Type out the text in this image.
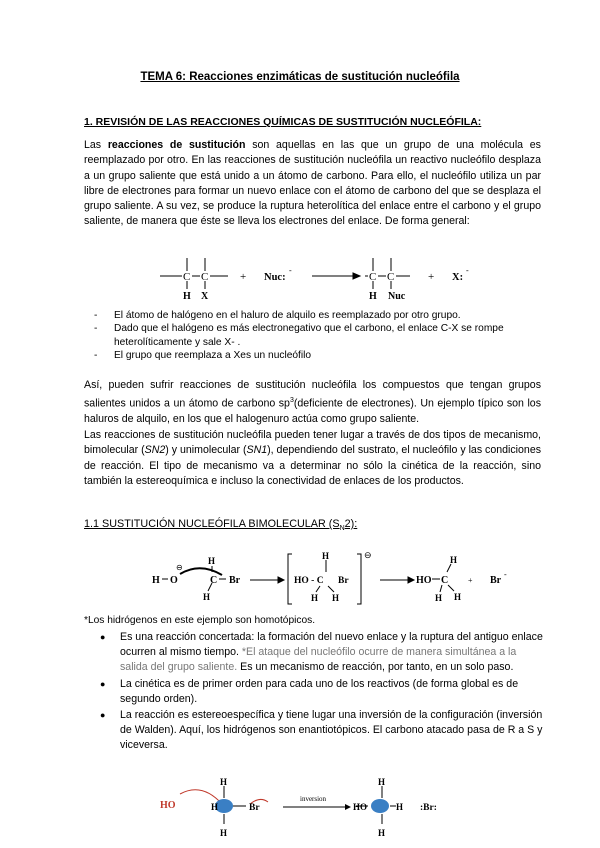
TEMA 6: Reacciones enzimáticas de sustitución nucleófila
1. REVISIÓN DE LAS REACCIONES QUÍMICAS DE SUSTITUCIÓN NUCLEÓFILA:
Las reacciones de sustitución son aquellas en las que un grupo de una molécula es reemplazado por otro. En las reacciones de sustitución nucleófila un reactivo nucleófilo desplaza a un grupo saliente que está unido a un átomo de carbono. Para ello, el nucleófilo utiliza un par libre de electrones para formar un nuevo enlace con el átomo de carbono del que se desplaza el grupo saliente. A su vez, se produce la ruptura heterolítica del enlace entre el carbono y el grupo saliente, de manera que éste se lleva los electrones del enlace. De forma general:
C C
H X
+ Nuc:
-
C C
H Nuc
+ X:
-
-	El átomo de halógeno en el haluro de alquilo es reemplazado por otro grupo.
-	Dado que el halógeno es más electronegativo que el carbono, el enlace C-X se rompe heterolíticamente y sale X- .
-	El grupo que reemplaza a Xes un nucleófilo
Así, pueden sufrir reacciones de sustitución nucleófila los compuestos que tengan grupos salientes unidos a un átomo de carbono $sp^3(deficiente$ de electrones). Un ejemplo típico son los haluros de alquilo, en los que el halogenuro actúa como grupo saliente.
Las reacciones de sustitución nucleófila pueden tener lugar a través de dos tipos de mecanismo, bimolecular (SN2) y unimolecular (SN1), dependiendo del sustrato, el nucleófilo y las condiciones de reacción. El tipo de mecanismo va a determinar no sólo la cinética de la reacción, sino también la estereoquímica e incluso la conectividad de enlaces de los productos.
1.1 SUSTITUCIÓN NUCLEÓFILA BIMOLECULAR $(S_N2)$:
H O
⊖
H
C
H
Br
H
HO - C Br
H H
⊖
HO C
H
H H
+ Br
-
*Los hidrógenos en este ejemplo son homotópicos.
●	Es una reacción concertada: la formación del nuevo enlace y la ruptura del antiguo enlace ocurren al mismo tiempo. *El ataque del nucleófilo ocurre de manera simultánea a la salida del grupo saliente. Es un mecanismo de reacción, por tanto, en un solo paso.
●	La cinética es de primer orden para cada uno de los reactivos (de forma global es de segundo orden).
●	La reacción es estereoespecífica y tiene lugar una inversión de la configuración (inversión de Walden). Aquí, los hidrógenos son enantiotópicos. El carbono atacado pasa de R a S y viceversa.
HO
H
H
H
Br
inversion
HO
H
H
H
:Br:
